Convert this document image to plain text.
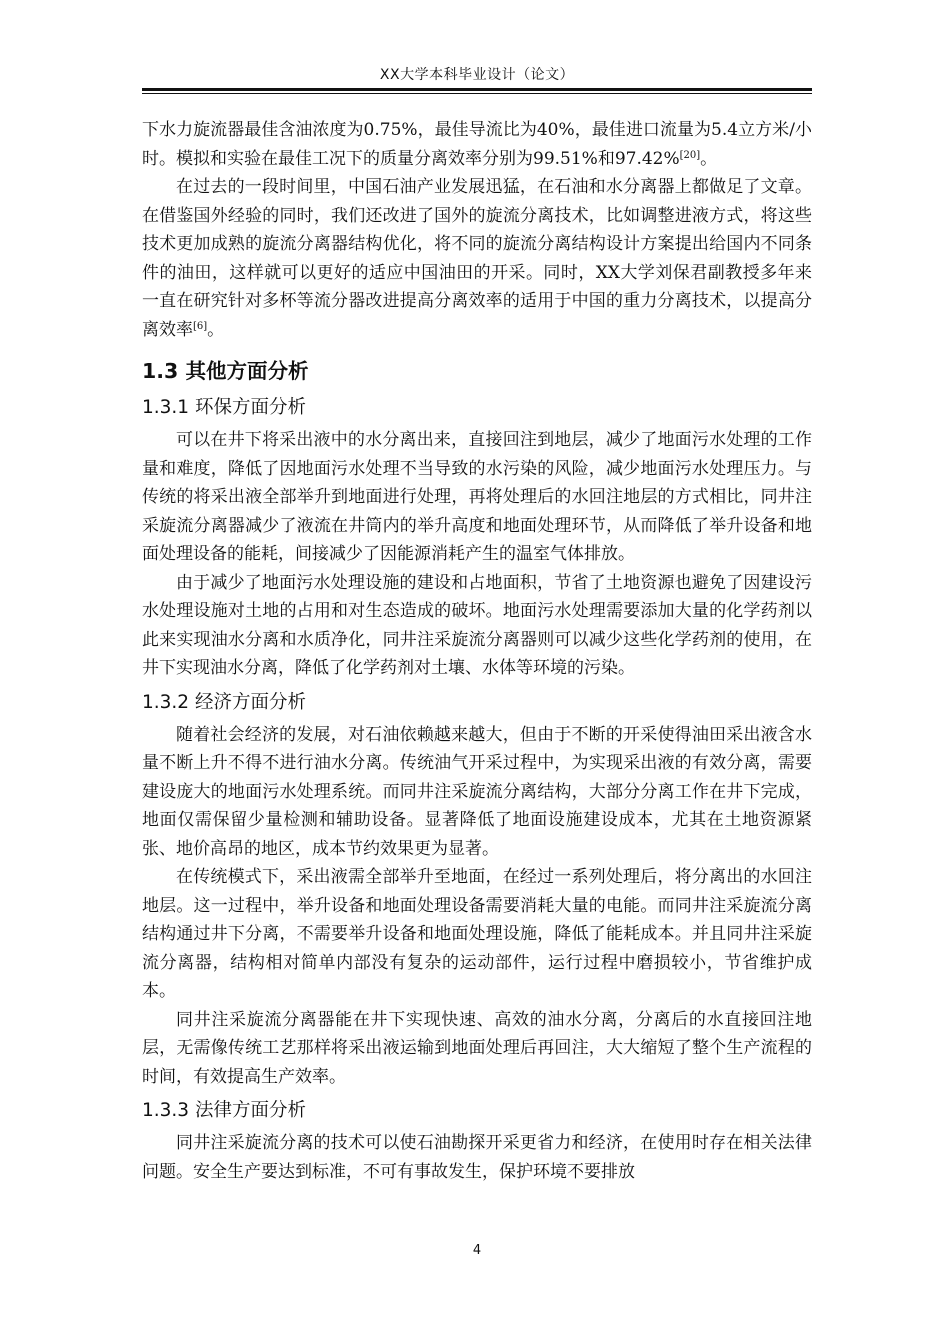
XX大学本科毕业设计（论文）

下水力旋流器最佳含油浓度为0.75%，最佳导流比为40%，最佳进口流量为5.4立方米/小时。模拟和实验在最佳工况下的质量分离效率分别为99.51%和97.42%[20]。

在过去的一段时间里，中国石油产业发展迅猛，在石油和水分离器上都做足了文章。在借鉴国外经验的同时，我们还改进了国外的旋流分离技术，比如调整进液方式，将这些技术更加成熟的旋流分离器结构优化，将不同的旋流分离结构设计方案提出给国内不同条件的油田，这样就可以更好的适应中国油田的开采。同时，XX大学刘保君副教授多年来一直在研究针对多杯等流分器改进提高分离效率的适用于中国的重力分离技术，以提高分离效率[6]。

1.3 其他方面分析
1.3.1 环保方面分析

可以在井下将采出液中的水分离出来，直接回注到地层，减少了地面污水处理的工作量和难度，降低了因地面污水处理不当导致的水污染的风险，减少地面污水处理压力。与传统的将采出液全部举升到地面进行处理，再将处理后的水回注地层的方式相比，同井注采旋流分离器减少了液流在井筒内的举升高度和地面处理环节，从而降低了举升设备和地面处理设备的能耗，间接减少了因能源消耗产生的温室气体排放。

由于减少了地面污水处理设施的建设和占地面积，节省了土地资源也避免了因建设污水处理设施对土地的占用和对生态造成的破坏。地面污水处理需要添加大量的化学药剂以此来实现油水分离和水质净化，同井注采旋流分离器则可以减少这些化学药剂的使用，在井下实现油水分离，降低了化学药剂对土壤、水体等环境的污染。

1.3.2 经济方面分析

随着社会经济的发展，对石油依赖越来越大，但由于不断的开采使得油田采出液含水量不断上升不得不进行油水分离。传统油气开采过程中，为实现采出液的有效分离，需要建设庞大的地面污水处理系统。而同井注采旋流分离结构，大部分分离工作在井下完成，地面仅需保留少量检测和辅助设备。显著降低了地面设施建设成本，尤其在土地资源紧张、地价高昂的地区，成本节约效果更为显著。

在传统模式下，采出液需全部举升至地面，在经过一系列处理后，将分离出的水回注地层。这一过程中，举升设备和地面处理设备需要消耗大量的电能。而同井注采旋流分离结构通过井下分离，不需要举升设备和地面处理设施，降低了能耗成本。并且同井注采旋流分离器，结构相对简单内部没有复杂的运动部件，运行过程中磨损较小，节省维护成本。

同井注采旋流分离器能在井下实现快速、高效的油水分离，分离后的水直接回注地层，无需像传统工艺那样将采出液运输到地面处理后再回注，大大缩短了整个生产流程的时间，有效提高生产效率。

1.3.3 法律方面分析

同井注采旋流分离的技术可以使石油勘探开采更省力和经济，在使用时存在相关法律问题。安全生产要达到标准，不可有事故发生，保护环境不要排放

4
